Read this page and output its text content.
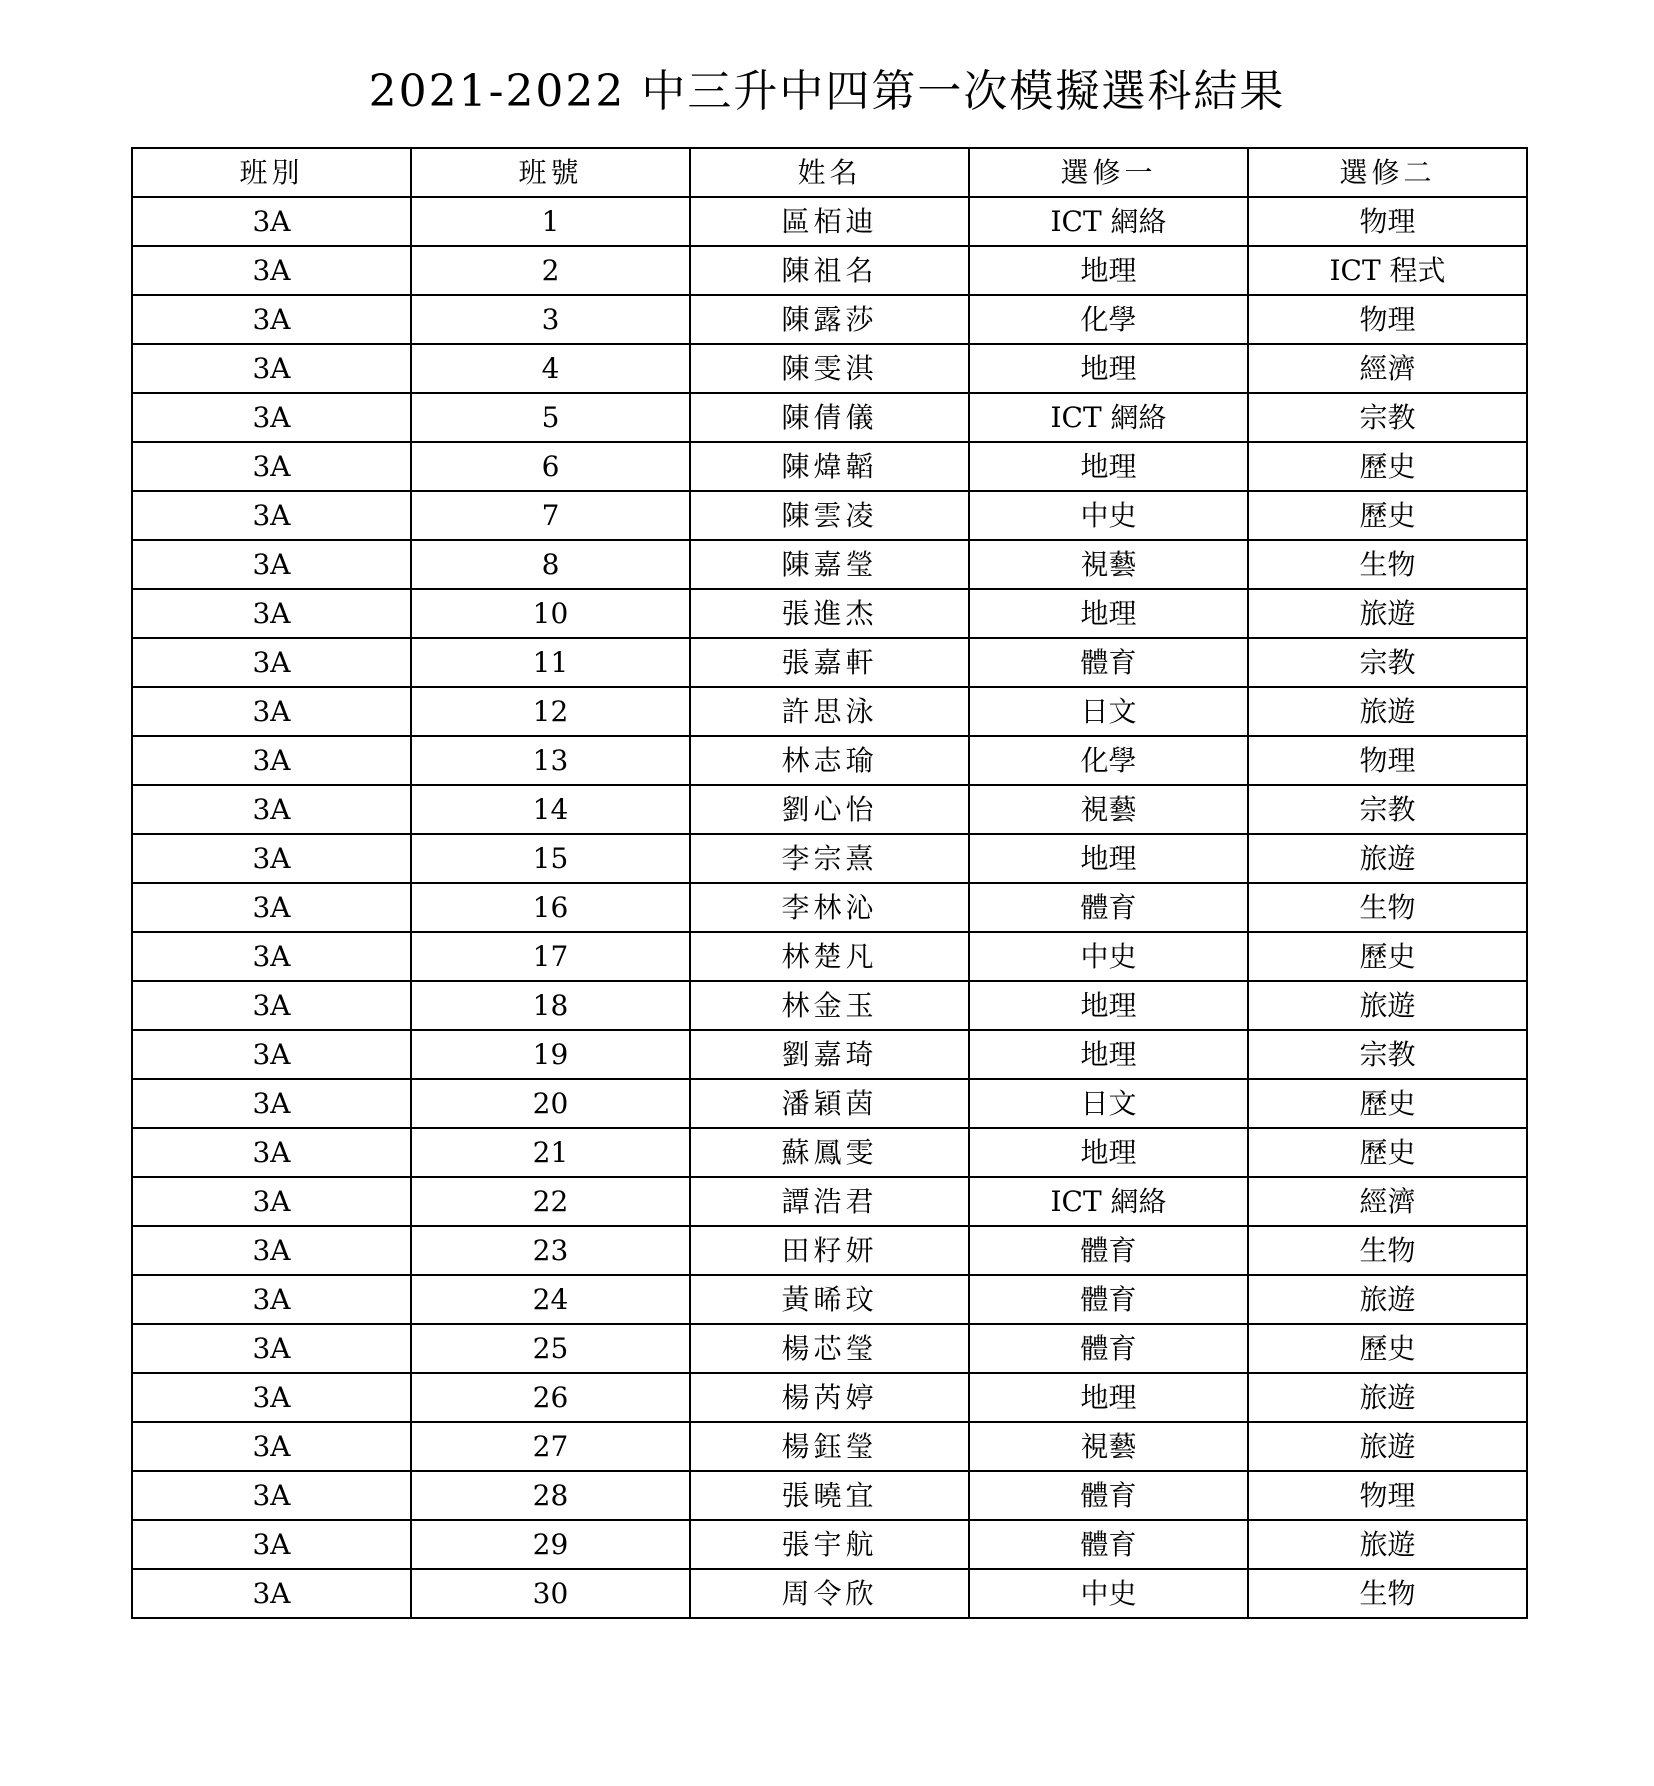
2021-2022 中三升中四第一次模擬選科結果
班別	班號	姓名	選修一	選修二
3A	1	區栢迪	ICT 網絡	物理
3A	2	陳祖名	地理	ICT 程式
3A	3	陳露莎	化學	物理
3A	4	陳雯淇	地理	經濟
3A	5	陳倩儀	ICT 網絡	宗教
3A	6	陳煒韜	地理	歷史
3A	7	陳雲凌	中史	歷史
3A	8	陳嘉瑩	視藝	生物
3A	10	張進杰	地理	旅遊
3A	11	張嘉軒	體育	宗教
3A	12	許思泳	日文	旅遊
3A	13	林志瑜	化學	物理
3A	14	劉心怡	視藝	宗教
3A	15	李宗熹	地理	旅遊
3A	16	李林沁	體育	生物
3A	17	林楚凡	中史	歷史
3A	18	林金玉	地理	旅遊
3A	19	劉嘉琦	地理	宗教
3A	20	潘穎茵	日文	歷史
3A	21	蘇鳳雯	地理	歷史
3A	22	譚浩君	ICT 網絡	經濟
3A	23	田籽妍	體育	生物
3A	24	黃晞玟	體育	旅遊
3A	25	楊芯瑩	體育	歷史
3A	26	楊芮婷	地理	旅遊
3A	27	楊鈺瑩	視藝	旅遊
3A	28	張曉宜	體育	物理
3A	29	張宇航	體育	旅遊
3A	30	周令欣	中史	生物
